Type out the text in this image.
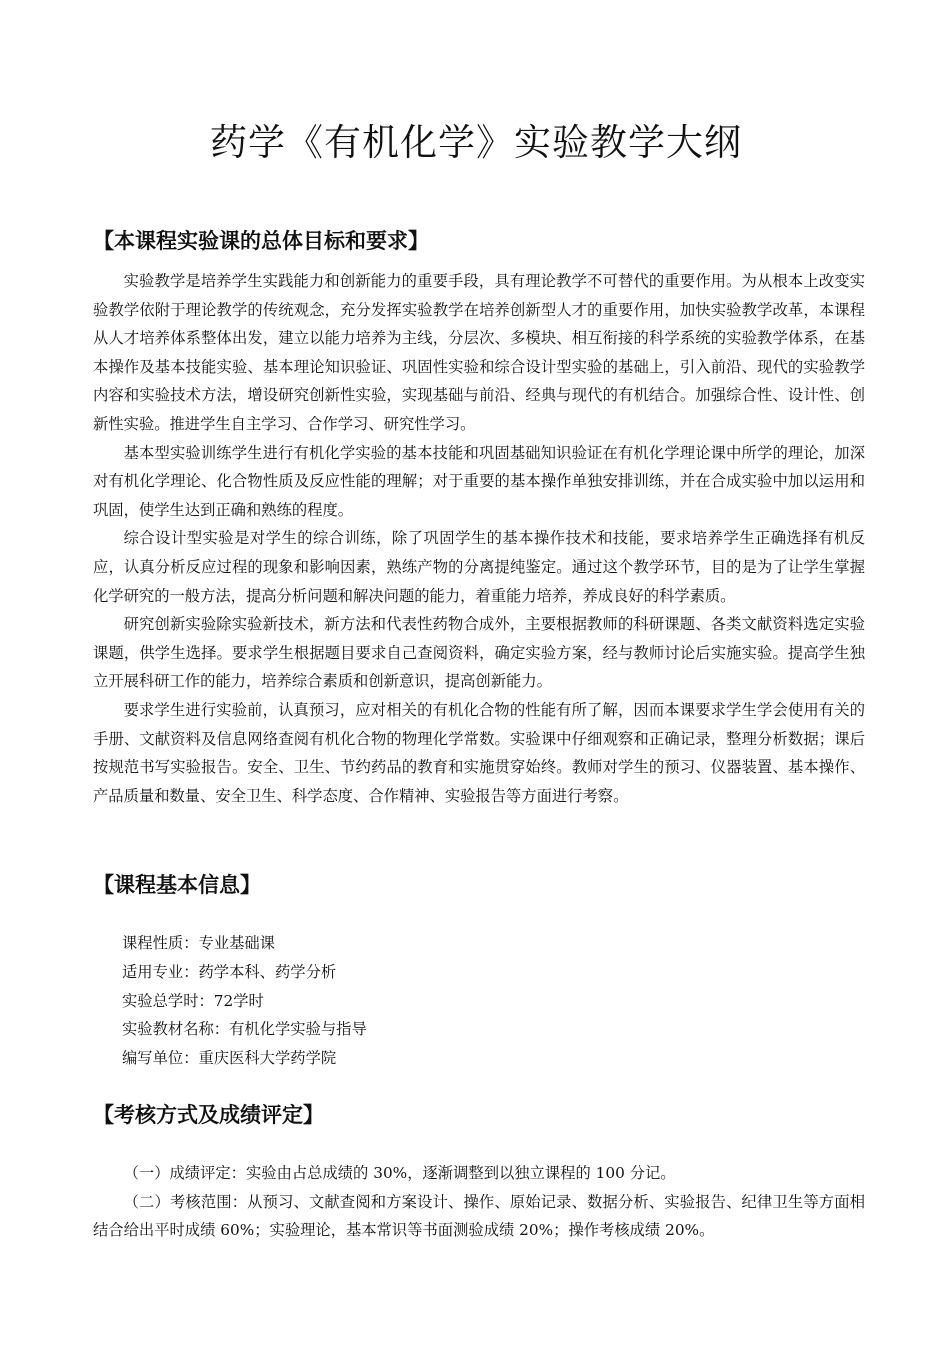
药学《有机化学》实验教学大纲
【本课程实验课的总体目标和要求】

实验教学是培养学生实践能力和创新能力的重要手段，具有理论教学不可替代的重要作用。为从根本上改变实验教学依附于理论教学的传统观念，充分发挥实验教学在培养创新型人才的重要作用，加快实验教学改革，本课程从人才培养体系整体出发，建立以能力培养为主线，分层次、多模块、相互衔接的科学系统的实验教学体系，在基本操作及基本技能实验、基本理论知识验证、巩固性实验和综合设计型实验的基础上，引入前沿、现代的实验教学内容和实验技术方法，增设研究创新性实验，实现基础与前沿、经典与现代的有机结合。加强综合性、设计性、创新性实验。推进学生自主学习、合作学习、研究性学习。

基本型实验训练学生进行有机化学实验的基本技能和巩固基础知识验证在有机化学理论课中所学的理论，加深对有机化学理论、化合物性质及反应性能的理解；对于重要的基本操作单独安排训练，并在合成实验中加以运用和巩固，使学生达到正确和熟练的程度。

综合设计型实验是对学生的综合训练，除了巩固学生的基本操作技术和技能，要求培养学生正确选择有机反应，认真分析反应过程的现象和影响因素，熟练产物的分离提纯鉴定。通过这个教学环节，目的是为了让学生掌握化学研究的一般方法，提高分析问题和解决问题的能力，着重能力培养，养成良好的科学素质。

研究创新实验除实验新技术，新方法和代表性药物合成外，主要根据教师的科研课题、各类文献资料选定实验课题，供学生选择。要求学生根据题目要求自己查阅资料，确定实验方案，经与教师讨论后实施实验。提高学生独立开展科研工作的能力，培养综合素质和创新意识，提高创新能力。

要求学生进行实验前，认真预习，应对相关的有机化合物的性能有所了解，因而本课要求学生学会使用有关的手册、文献资料及信息网络查阅有机化合物的物理化学常数。实验课中仔细观察和正确记录，整理分析数据；课后按规范书写实验报告。安全、卫生、节约药品的教育和实施贯穿始终。教师对学生的预习、仪器装置、基本操作、产品质量和数量、安全卫生、科学态度、合作精神、实验报告等方面进行考察。

【课程基本信息】
课程性质：专业基础课
适用专业：药学本科、药学分析
实验总学时：72学时
实验教材名称：有机化学实验与指导
编写单位：重庆医科大学药学院
【考核方式及成绩评定】

（一）成绩评定：实验由占总成绩的 30%，逐渐调整到以独立课程的 100 分记。

（二）考核范围：从预习、文献查阅和方案设计、操作、原始记录、数据分析、实验报告、纪律卫生等方面相结合给出平时成绩 60%；实验理论，基本常识等书面测验成绩 20%；操作考核成绩 20%。
